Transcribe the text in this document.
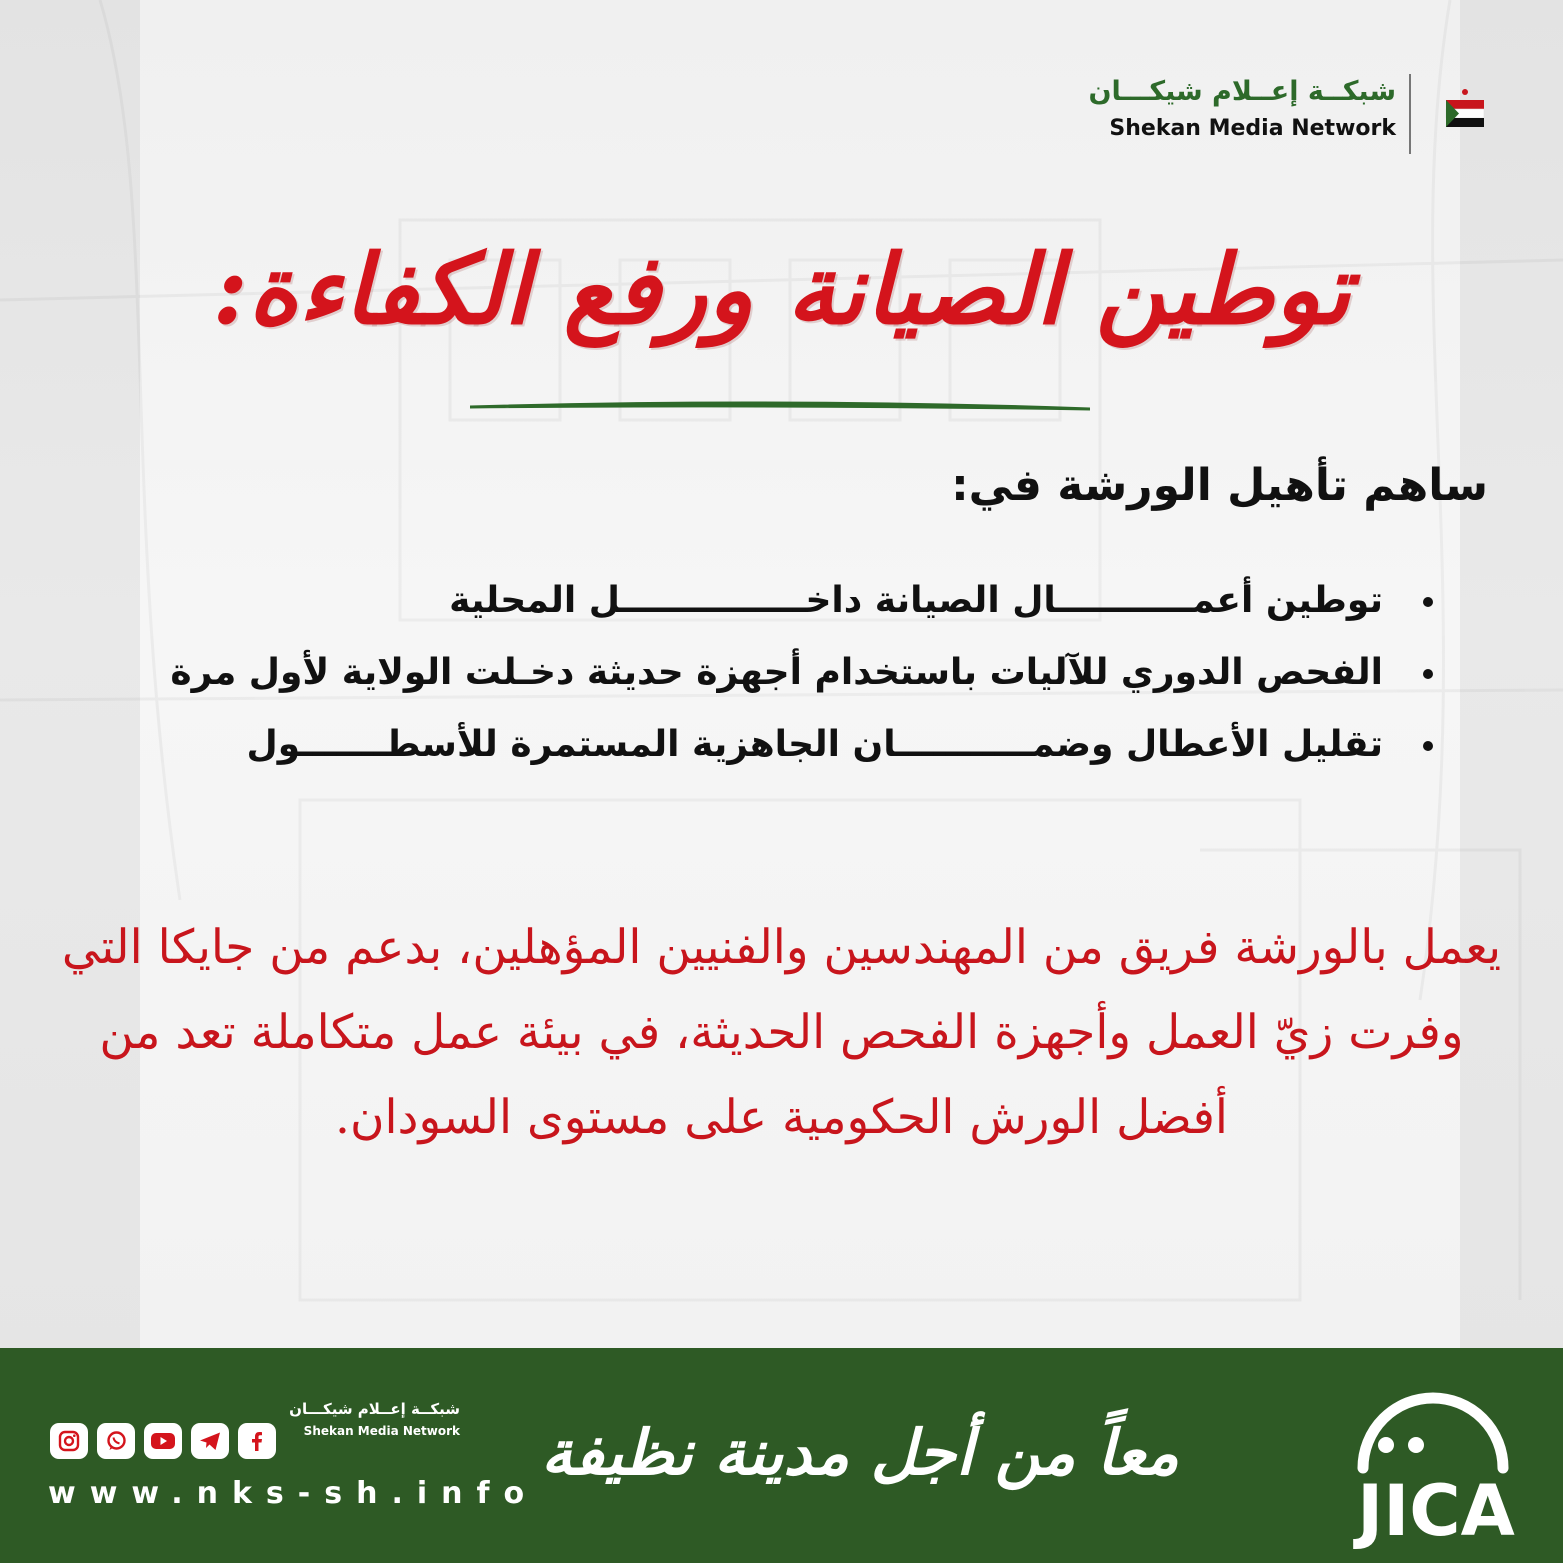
شبكــة إعــلام شيكـــان
Shekan Media Network
توطين الصيانة ورفع الكفاءة:
ساهم تأهيل الورشة في:
توطين أعمـــــــــــال الصيانة داخـــــــــــــــل المحلية
الفحص الدوري للآليات باستخدام أجهزة حديثة دخـلت الولاية لأول مرة
تقليل الأعطال وضمـــــــــــان الجاهزية المستمرة للأسطـــــــول
يعمل بالورشة فريق من المهندسين والفنيين المؤهلين، بدعم من جايكا التي وفرت زيّ العمل وأجهزة الفحص الحديثة، في بيئة عمل متكاملة تعد من أفضل الورش الحكومية على مستوى السودان.
شبكــة إعــلام شيكـــان
Shekan Media Network
www.nks-sh.info
معاً من أجل مدينة نظيفة
JICA
